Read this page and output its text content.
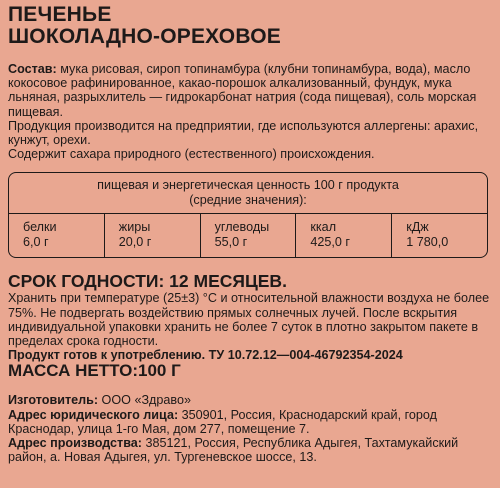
ПЕЧЕНЬЕ
ШОКОЛАДНО-ОРЕХОВОЕ
Состав: мука рисовая, сироп топинамбура (клубни топинамбура, вода), масло кокосовое рафинированное, какао-порошок алкализованный, фундук, мука льняная, разрыхлитель — гидрокарбонат натрия (сода пищевая), соль морская пищевая.
Продукция производится на предприятии, где используются аллергены: арахис, кунжут, орехи.
Содержит сахара природного (естественного) происхождения.
пищевая и энергетическая ценность 100 г продукта
(средние значения):
белки
6,0 г
жиры
20,0 г
углеводы
55,0 г
ккал
425,0 г
кДж
1 780,0
СРОК ГОДНОСТИ: 12 МЕСЯЦЕВ.
Хранить при температуре (25±3) °С и относительной влажности воздуха не более 75%. Не подвергать воздействию прямых солнечных лучей. После вскрытия индивидуальной упаковки хранить не более 7 суток в плотно закрытом пакете в пределах срока годности.
Продукт готов к употреблению. ТУ 10.72.12—004-46792354-2024
МАССА НЕТТО:100 Г
Изготовитель: ООО «Здраво»
Адрес юридического лица: 350901, Россия, Краснодарский край, город Краснодар, улица 1-го Мая, дом 277, помещение 7.
Адрес производства: 385121, Россия, Республика Адыгея, Тахтамукайский район, а. Новая Адыгея, ул. Тургеневское шоссе, 13.
